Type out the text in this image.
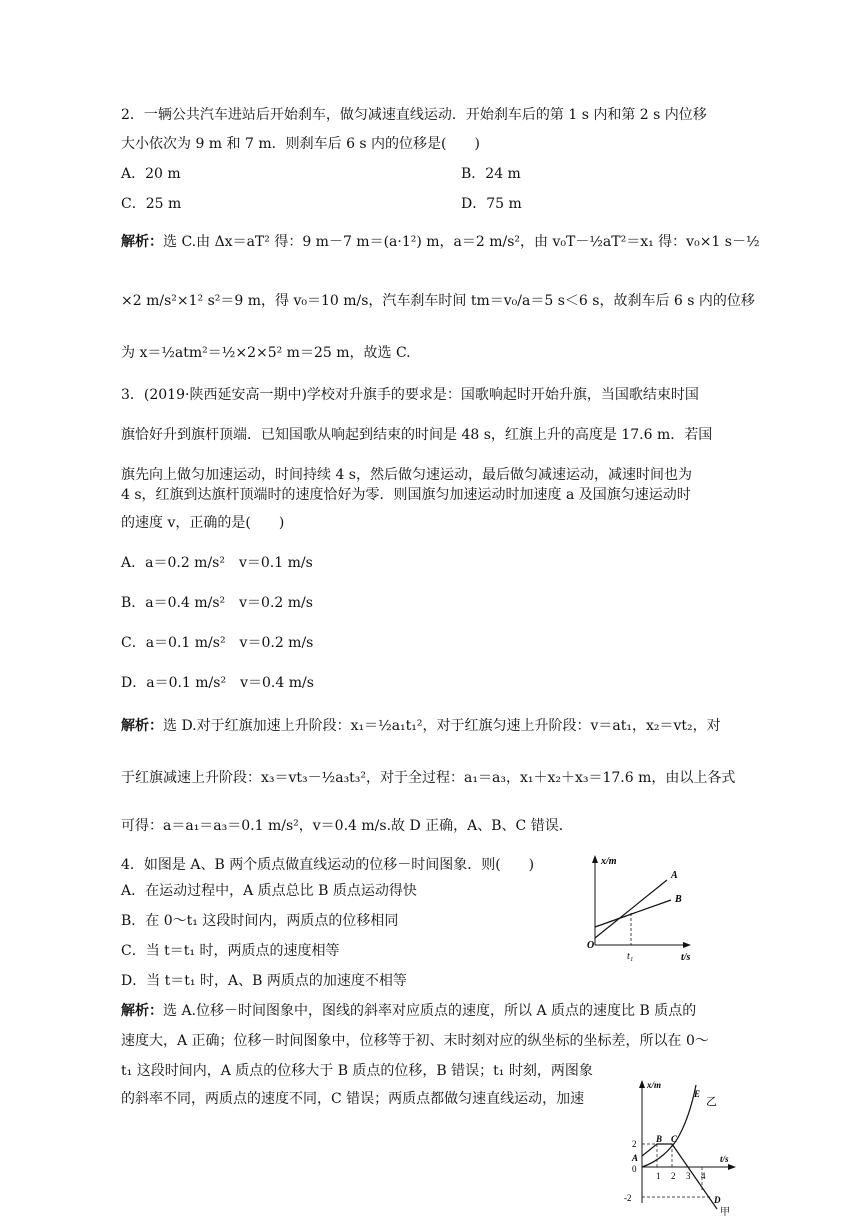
2．一辆公共汽车进站后开始刹车，做匀减速直线运动．开始刹车后的第 1 s 内和第 2 s 内位移
大小依次为 9 m 和 7 m．则刹车后 6 s 内的位移是(　　)
A．20 m	B．24 m
C．25 m	D．75 m
解析：选 C.由 Δx＝aT² 得：9 m－7 m＝(a·1²) m，a＝2 m/s²，由 v₀T－½aT²＝x₁ 得：v₀×1 s－½
×2 m/s²×1² s²＝9 m，得 v₀＝10 m/s，汽车刹车时间 tm＝v₀/a＝5 s＜6 s，故刹车后 6 s 内的位移
为 x＝½atm²＝½×2×5² m＝25 m，故选 C.
3．(2019·陕西延安高一期中)学校对升旗手的要求是：国歌响起时开始升旗，当国歌结束时国
旗恰好升到旗杆顶端．已知国歌从响起到结束的时间是 48 s，红旗上升的高度是 17.6 m．若国
旗先向上做匀加速运动，时间持续 4 s，然后做匀速运动，最后做匀减速运动，减速时间也为
4 s，红旗到达旗杆顶端时的速度恰好为零．则国旗匀加速运动时加速度 a 及国旗匀速运动时
的速度 v，正确的是(　　)
A．a＝0.2 m/s²　v＝0.1 m/s
B．a＝0.4 m/s²　v＝0.2 m/s
C．a＝0.1 m/s²　v＝0.2 m/s
D．a＝0.1 m/s²　v＝0.4 m/s
解析：选 D.对于红旗加速上升阶段：x₁＝½a₁t₁²，对于红旗匀速上升阶段：v＝at₁，x₂＝vt₂，对
于红旗减速上升阶段：x₃＝vt₃－½a₃t₃²，对于全过程：a₁＝a₃，x₁＋x₂＋x₃＝17.6 m，由以上各式
可得：a＝a₁＝a₃＝0.1 m/s²，v＝0.4 m/s.故 D 正确，A、B、C 错误．
4．如图是 A、B 两个质点做直线运动的位移－时间图象．则(　　)
A．在运动过程中，A 质点总比 B 质点运动得快
B．在 0～t₁ 这段时间内，两质点的位移相同
C．当 t＝t₁ 时，两质点的速度相等
D．当 t＝t₁ 时，A、B 两质点的加速度不相等
解析：选 A.位移－时间图象中，图线的斜率对应质点的速度，所以 A 质点的速度比 B 质点的
速度大，A 正确；位移－时间图象中，位移等于初、末时刻对应的纵坐标的坐标差，所以在 0～
t₁ 这段时间内，A 质点的位移大于 B 质点的位移，B 错误；t₁ 时刻，两图象
的斜率不同，两质点的速度不同，C 错误；两质点都做匀速直线运动，加速
x/m
t/s
O
A
B
t₁
x/m
t/s
0
1 2 3 4
2
-2
A
B C
D
E
乙
甲
